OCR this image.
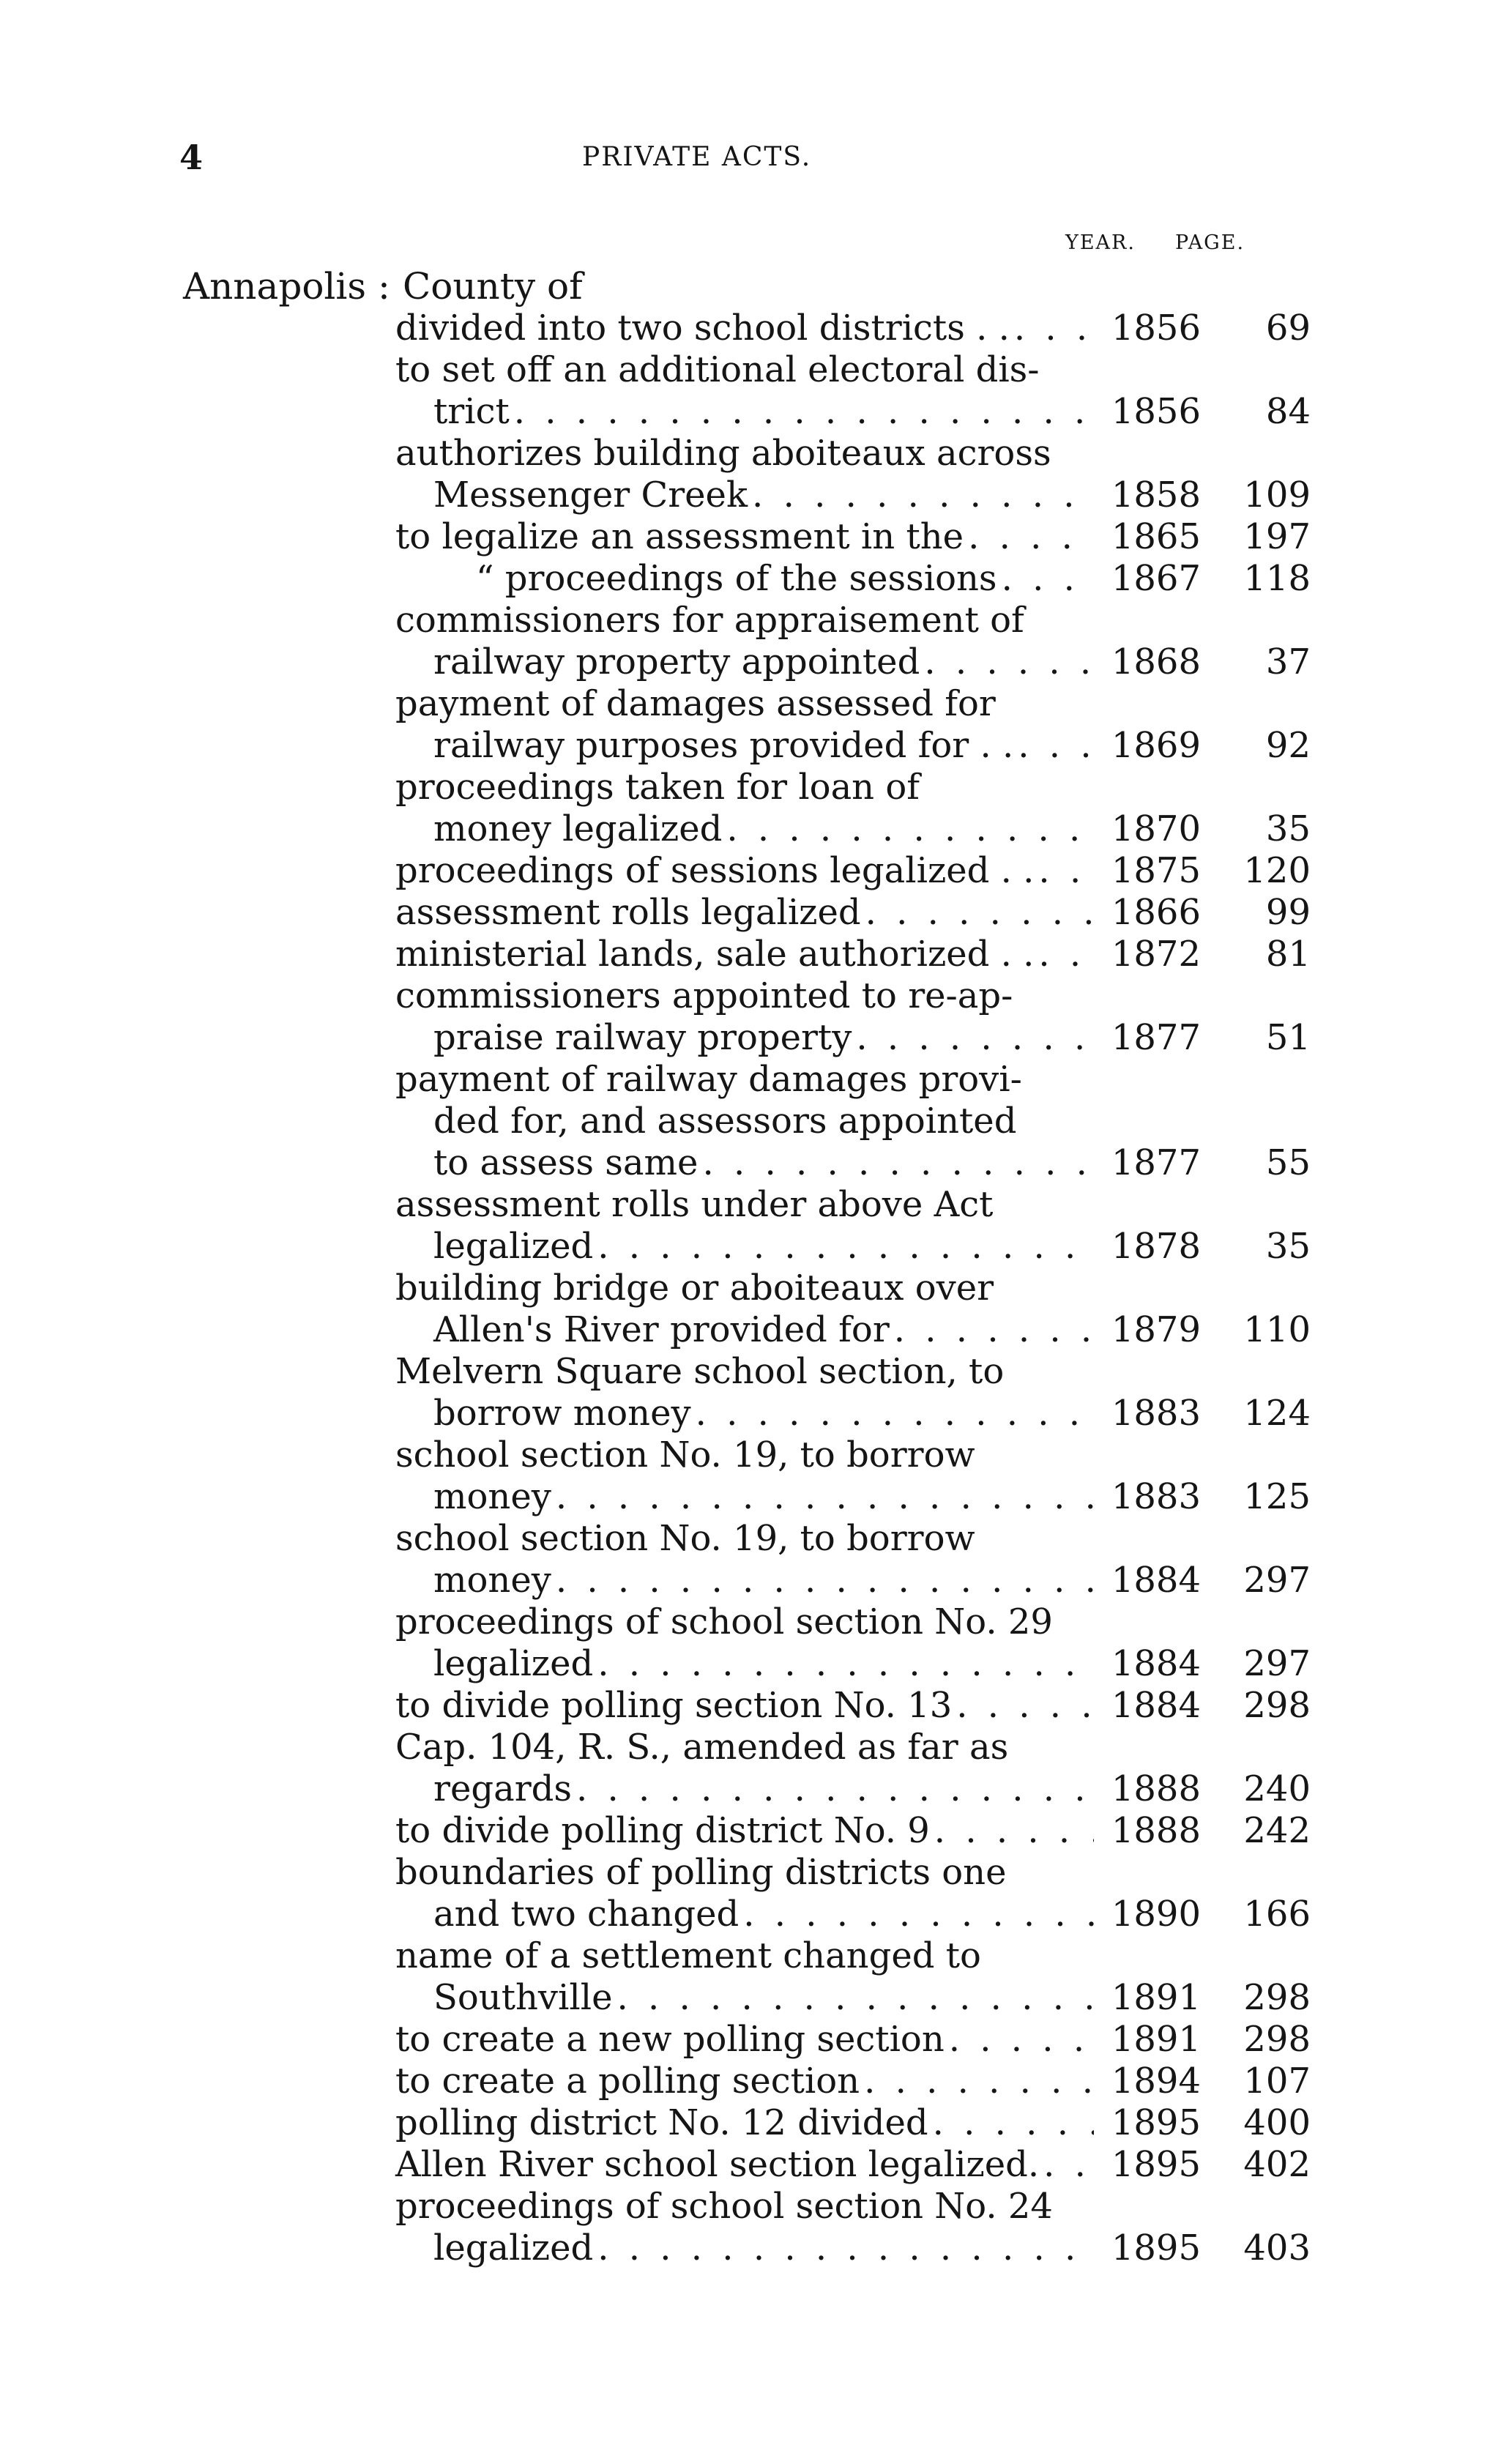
4	PRIVATE ACTS.
YEAR. PAGE.
Annapolis : County of
divided into two school districts . . . . .	1856	69
to set off an additional electoral dis-
trict . . .	1856	84
authorizes building aboiteaux across
Messenger Creek . . .	1858	109
to legalize an assessment in the . . .	1865	197
“ proceedings of the sessions . . .	1867	118
commissioners for appraisement of
railway property appointed . . .	1868	37
payment of damages assessed for
railway purposes provided for . . . . .	1869	92
proceedings taken for loan of
money legalized . . .	1870	35
proceedings of sessions legalized . . . . .	1875	120
assessment rolls legalized . . .	1866	99
ministerial lands, sale authorized . . . . .	1872	81
commissioners appointed to re-ap-
praise railway property . . .	1877	51
payment of railway damages provi-
ded for, and assessors appointed
to assess same . . .	1877	55
assessment rolls under above Act
legalized . . .	1878	35
building bridge or aboiteaux over
Allen's River provided for . . .	1879	110
Melvern Square school section, to
borrow money . . .	1883	124
school section No. 19, to borrow
money . . .	1883	125
school section No. 19, to borrow
money . . .	1884	297
proceedings of school section No. 29
legalized . . .	1884	297
to divide polling section No. 13 . . .	1884	298
Cap. 104, R. S., amended as far as
regards . . .	1888	240
to divide polling district No. 9 . . .	1888	242
boundaries of polling districts one
and two changed . . .	1890	166
name of a settlement changed to
Southville . . .	1891	298
to create a new polling section . . .	1891	298
to create a polling section . . .	1894	107
polling district No. 12 divided . . .	1895	400
Allen River school section legalized. . . .	1895	402
proceedings of school section No. 24
legalized . . .	1895	403
